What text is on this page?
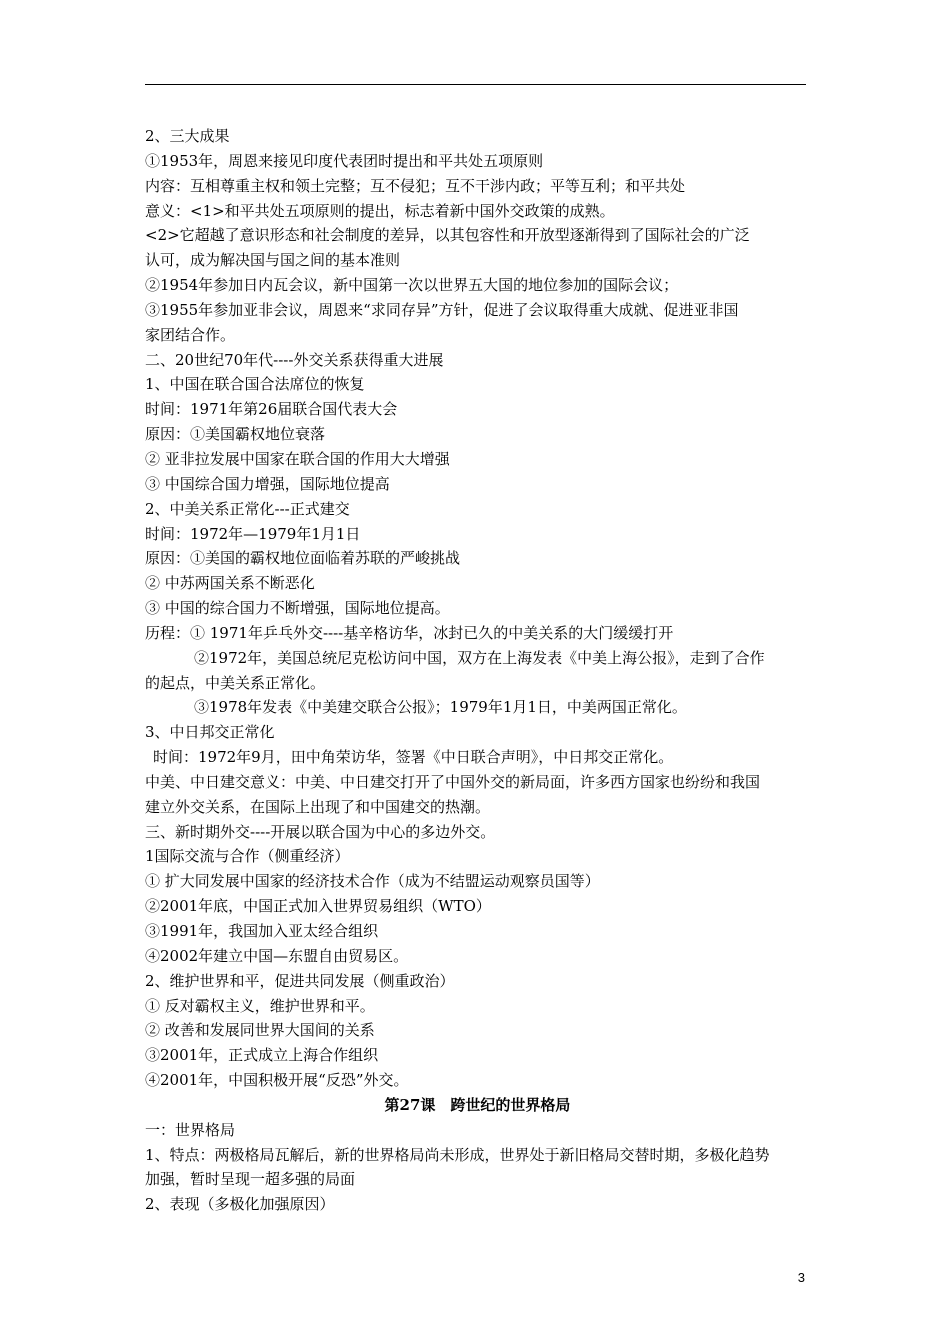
2、三大成果
①1953年，周恩来接见印度代表团时提出和平共处五项原则
内容：互相尊重主权和领土完整；互不侵犯；互不干涉内政；平等互利；和平共处
意义：<1>和平共处五项原则的提出，标志着新中国外交政策的成熟。
<2>它超越了意识形态和社会制度的差异，以其包容性和开放型逐渐得到了国际社会的广泛
认可，成为解决国与国之间的基本准则
②1954年参加日内瓦会议，新中国第一次以世界五大国的地位参加的国际会议；
③1955年参加亚非会议，周恩来“求同存异”方针，促进了会议取得重大成就、促进亚非国
家团结合作。
二、20世纪70年代----外交关系获得重大进展
1、中国在联合国合法席位的恢复
时间：1971年第26届联合国代表大会
原因：①美国霸权地位衰落
② 亚非拉发展中国家在联合国的作用大大增强
③ 中国综合国力增强，国际地位提高
2、中美关系正常化---正式建交
时间：1972年—1979年1月1日
原因：①美国的霸权地位面临着苏联的严峻挑战
② 中苏两国关系不断恶化
③ 中国的综合国力不断增强，国际地位提高。
历程：① 1971年乒乓外交----基辛格访华，冰封已久的中美关系的大门缓缓打开
②1972年，美国总统尼克松访问中国，双方在上海发表《中美上海公报》，走到了合作
的起点，中美关系正常化。
③1978年发表《中美建交联合公报》；1979年1月1日，中美两国正常化。
3、中日邦交正常化
时间：1972年9月，田中角荣访华，签署《中日联合声明》，中日邦交正常化。
中美、中日建交意义：中美、中日建交打开了中国外交的新局面，许多西方国家也纷纷和我国
建立外交关系，在国际上出现了和中国建交的热潮。
三、新时期外交----开展以联合国为中心的多边外交。
1国际交流与合作（侧重经济）
① 扩大同发展中国家的经济技术合作（成为不结盟运动观察员国等）
②2001年底，中国正式加入世界贸易组织（WTO）
③1991年，我国加入亚太经合组织
④2002年建立中国—东盟自由贸易区。
2、维护世界和平，促进共同发展（侧重政治）
① 反对霸权主义，维护世界和平。
② 改善和发展同世界大国间的关系
③2001年，正式成立上海合作组织
④2001年，中国积极开展“反恐”外交。
第27课　跨世纪的世界格局
一：世界格局
1、特点：两极格局瓦解后，新的世界格局尚未形成，世界处于新旧格局交替时期，多极化趋势
加强，暂时呈现一超多强的局面
2、表现（多极化加强原因）
3
